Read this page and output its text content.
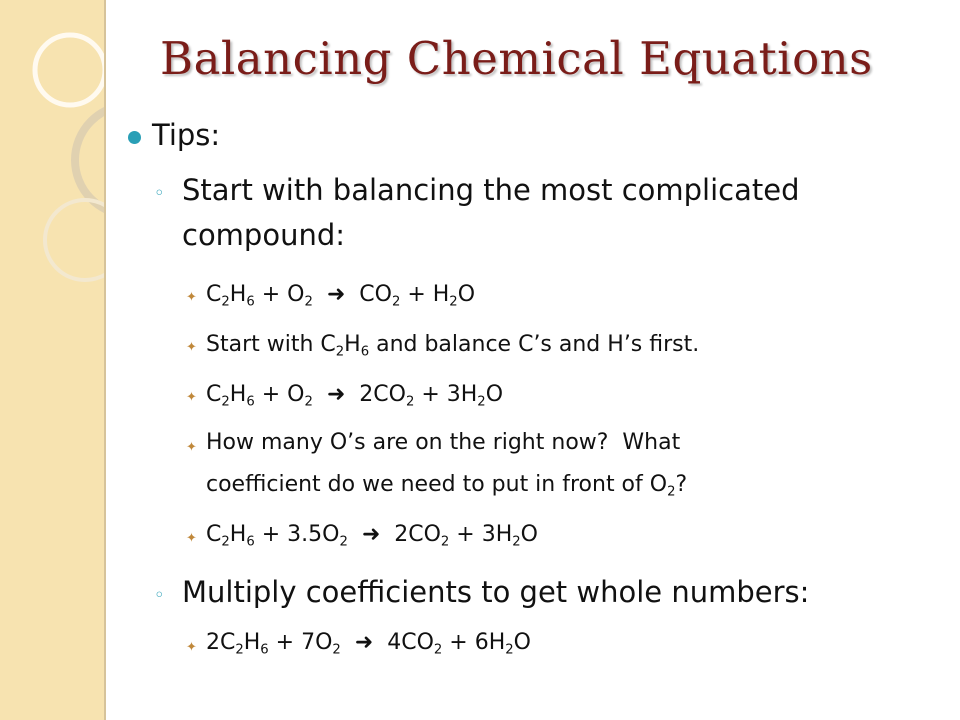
Balancing Chemical Equations
Tips:
◦ Start with balancing the most complicated
compound:
✦ $C_2H_6 + O_2$  ➜  $CO_2 + H_2O$
✦ Start with $C_2H_6$ and balance C’s and H’s first.
✦ $C_2H_6 + O_2$  ➜  $2CO_2 + 3H_2O$
✦ How many O’s are on the right now?  What
coefficient do we need to put in front of $O_2$?
✦ $C_2H_6 + 3.5O_2$  ➜  $2CO_2 + 3H_2O$
◦ Multiply coefficients to get whole numbers:
✦ $2C_2H_6 + 7O_2$  ➜  $4CO_2 + 6H_2O$
